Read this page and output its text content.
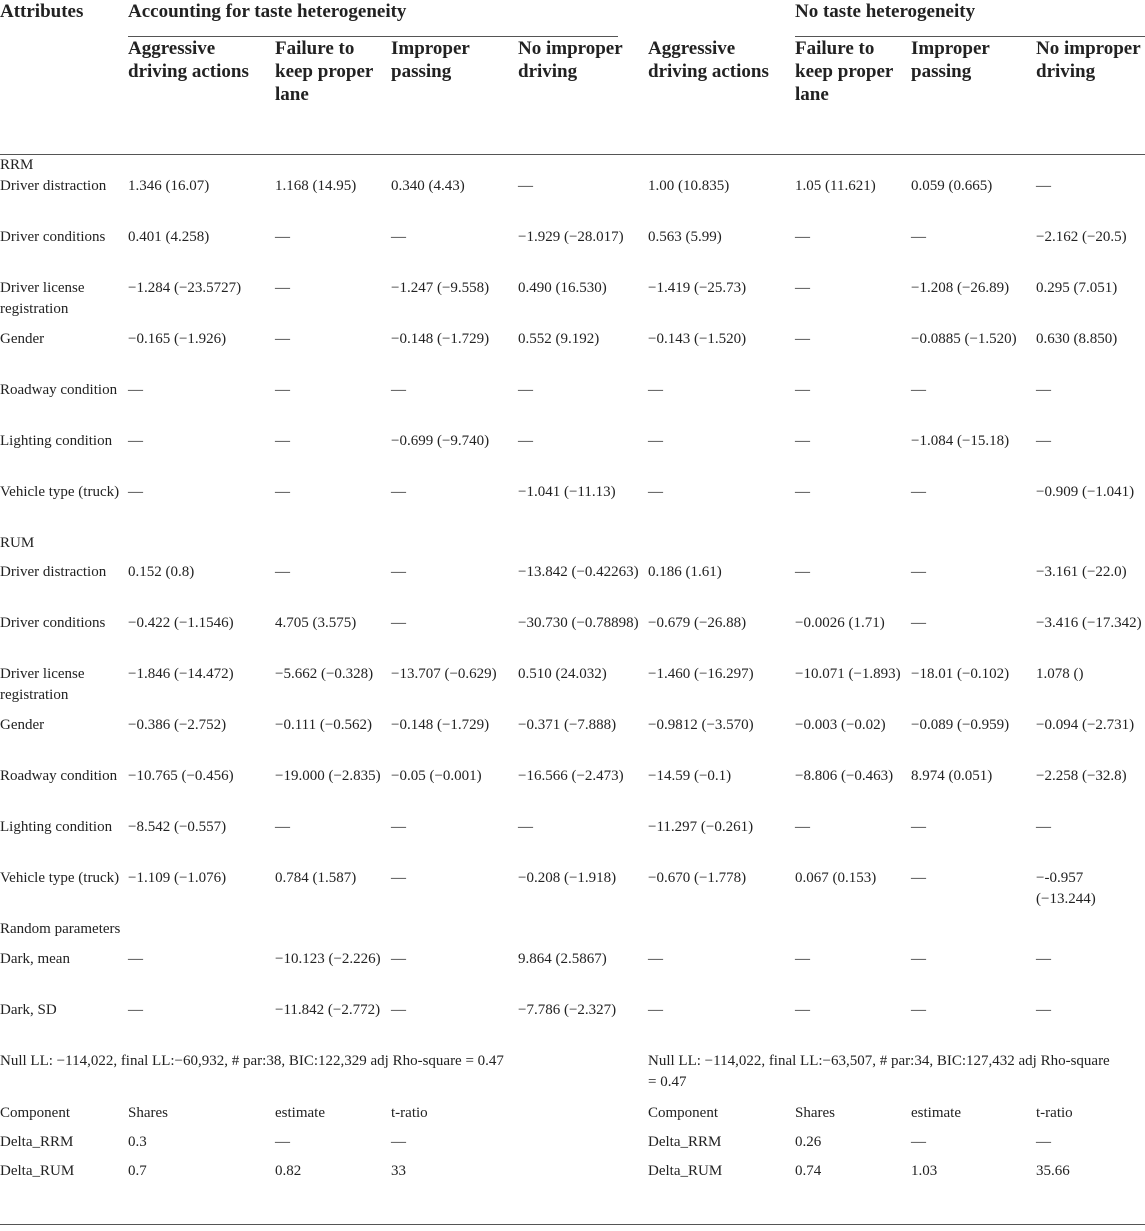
Attributes	Accounting for taste heterogeneity					No taste heterogeneity		

	Aggressive driving actions	Failure to keep proper lane	Improper passing	No improper driving	Aggressive driving actions	Failure to keep proper lane	Improper passing	No improper driving
RRM								
Driver distraction	1.346 (16.07)	1.168 (14.95)	0.340 (4.43)	—	1.00 (10.835)	1.05 (11.621)	0.059 (0.665)	—
Driver conditions	0.401 (4.258)	—	—	−1.929 (−28.017)	0.563 (5.99)	—	—	−2.162 (−20.5)
Driver license registration	−1.284 (−23.5727)	—	−1.247 (−9.558)	0.490 (16.530)	−1.419 (−25.73)	—	−1.208 (−26.89)	0.295 (7.051)
Gender	−0.165 (−1.926)	—	−0.148 (−1.729)	0.552 (9.192)	−0.143 (−1.520)	—	−0.0885 (−1.520)	0.630 (8.850)
Roadway condition	—	—	—	—	—	—	—	—
Lighting condition	—	—	−0.699 (−9.740)	—	—	—	−1.084 (−15.18)	—
Vehicle type (truck)	—	—	—	−1.041 (−11.13)	—	—	—	−0.909 (−1.041)
RUM								
Driver distraction	0.152 (0.8)	—	—	−13.842 (−0.42263)	0.186 (1.61)	—	—	−3.161 (−22.0)
Driver conditions	−0.422 (−1.1546)	4.705 (3.575)	—	−30.730 (−0.78898)	−0.679 (−26.88)	−0.0026 (1.71)	—	−3.416 (−17.342)
Driver license registration	−1.846 (−14.472)	−5.662 (−0.328)	−13.707 (−0.629)	0.510 (24.032)	−1.460 (−16.297)	−10.071 (−1.893)	−18.01 (−0.102)	1.078 ()
Gender	−0.386 (−2.752)	−0.111 (−0.562)	−0.148 (−1.729)	−0.371 (−7.888)	−0.9812 (−3.570)	−0.003 (−0.02)	−0.089 (−0.959)	−0.094 (−2.731)
Roadway condition	−10.765 (−0.456)	−19.000 (−2.835)	−0.05 (−0.001)	−16.566 (−2.473)	−14.59 (−0.1)	−8.806 (−0.463)	8.974 (0.051)	−2.258 (−32.8)
Lighting condition	−8.542 (−0.557)	—	—	—	−11.297 (−0.261)	—	—	—
Vehicle type (truck)	−1.109 (−1.076)	0.784 (1.587)	—	−0.208 (−1.918)	−0.670 (−1.778)	0.067 (0.153)	—	−-0.957 (−13.244)
Random parameters								
Dark, mean	—	−10.123 (−2.226)	—	9.864 (2.5867)	—	—	—	—
Dark, SD	—	−11.842 (−2.772)	—	−7.786 (−2.327)	—	—	—	—
Null LL: −114,022, final LL:−60,932, # par:38, BIC:122,329 adj Rho-square = 0.47					Null LL: −114,022, final LL:−63,507, # par:34, BIC:127,432 adj Rho-square = 0.47			
Component	Shares	estimate	t-ratio		Component	Shares	estimate	t-ratio
Delta_RRM	0.3	—	—		Delta_RRM	0.26	—	—
Delta_RUM	0.7	0.82	33		Delta_RUM	0.74	1.03	35.66
